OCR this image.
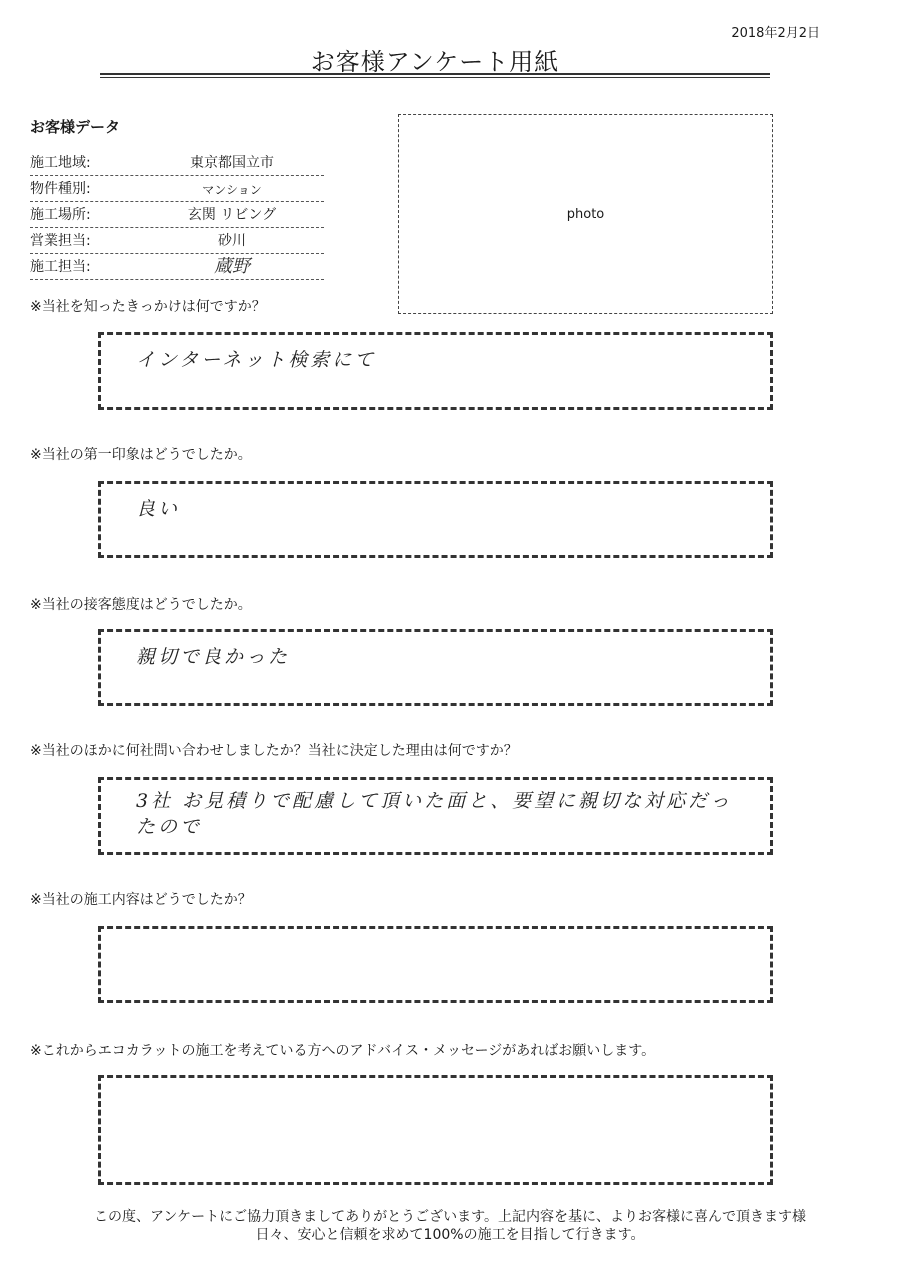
2018年2月2日
お客様アンケート用紙
お客様データ
施工地域:	東京都国立市
物件種別:	マンション
施工場所:	玄関 リビング
営業担当:	砂川
施工担当:	蔵野
photo
※当社を知ったきっかけは何ですか？
インターネット検索にて
※当社の第一印象はどうでしたか。
良い
※当社の接客態度はどうでしたか。
親切で良かった
※当社のほかに何社問い合わせしましたか？当社に決定した理由は何ですか？
3社 お見積りで配慮して頂いた面と、要望に親切な対応だったので
※当社の施工内容はどうでしたか？
※これからエコカラットの施工を考えている方へのアドバイス・メッセージがあればお願いします。
この度、アンケートにご協力頂きましてありがとうございます。上記内容を基に、よりお客様に喜んで頂きます様
日々、安心と信頼を求めて100%の施工を目指して行きます。
